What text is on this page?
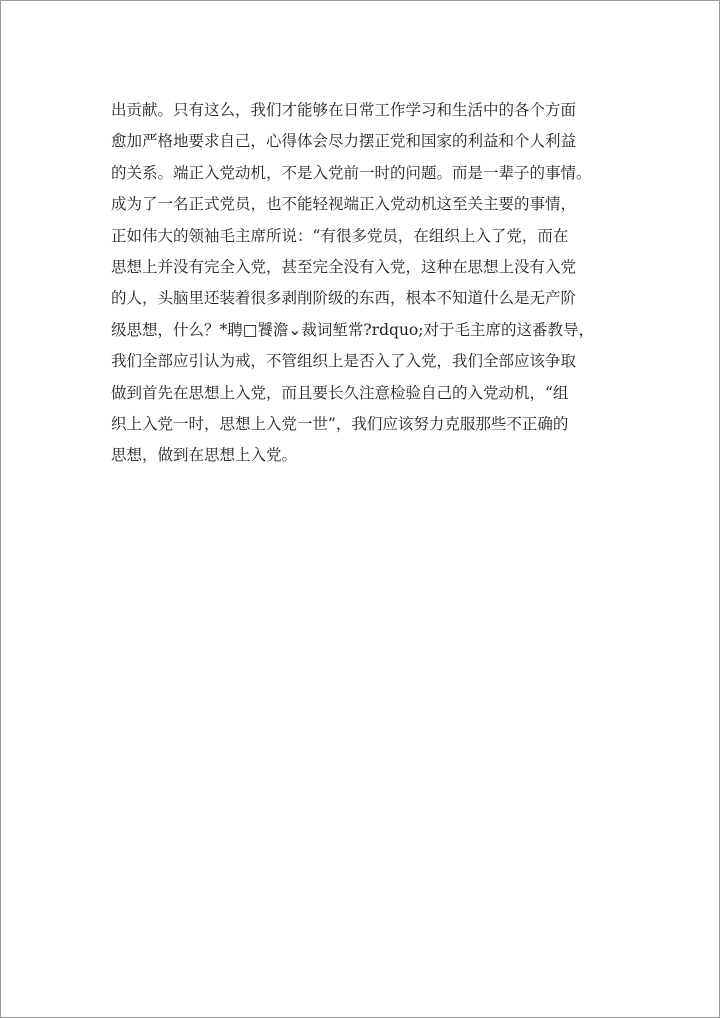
出贡献。只有这么，我们才能够在日常工作学习和生活中的各个方面
愈加严格地要求自己，心得体会尽力摆正党和国家的利益和个人利益
的关系。端正入党动机，不是入党前一时的问题。而是一辈子的事情。
成为了一名正式党员，也不能轻视端正入党动机这至关主要的事情，
正如伟大的领袖毛主席所说：“有很多党员，在组织上入了党，而在
思想上并没有完全入党，甚至完全没有入党，这种在思想上没有入党
的人，头脑里还装着很多剥削阶级的东西，根本不知道什么是无产阶
级思想，什么？*聘□饕澹⌄裁词堑常?rdquo;对于毛主席的这番教导，
我们全部应引认为戒，不管组织上是否入了入党，我们全部应该争取
做到首先在思想上入党，而且要长久注意检验自己的入党动机，“组
织上入党一时，思想上入党一世”，我们应该努力克服那些不正确的
思想，做到在思想上入党。
